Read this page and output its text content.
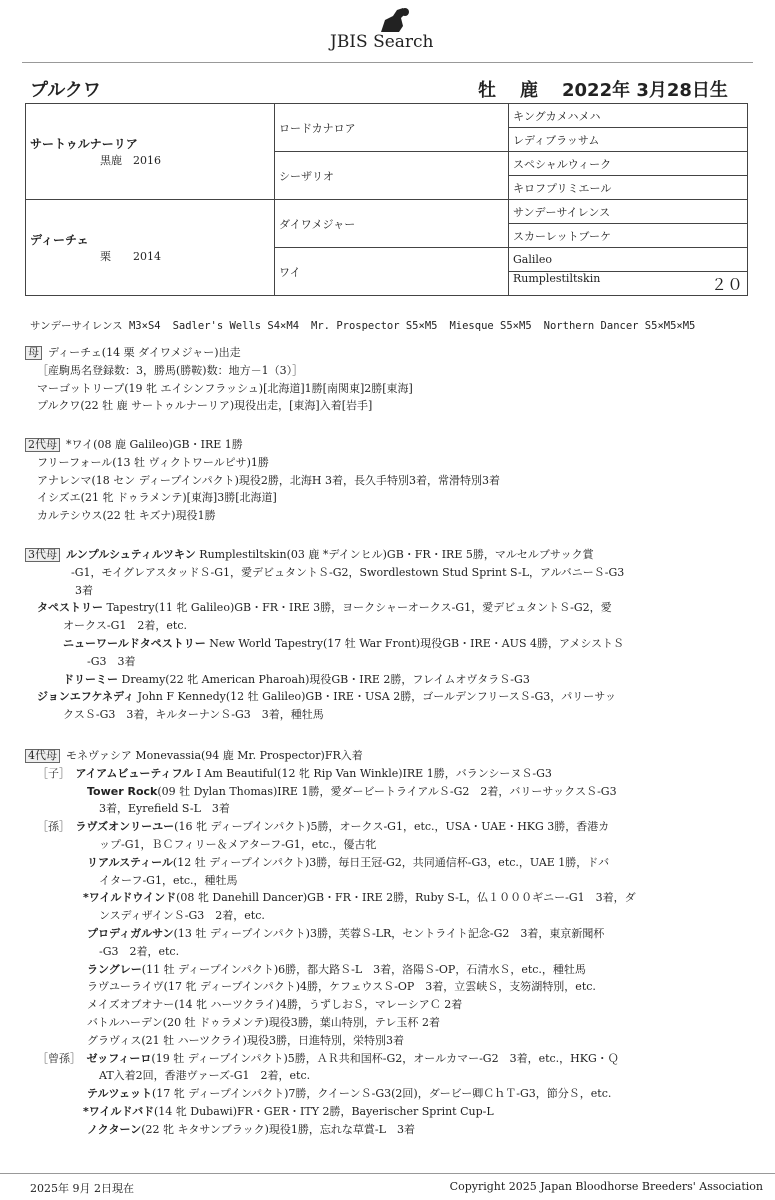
JBIS Search
プルクワ	牡 鹿 2022年 3月28日生
サートゥルナーリア
黒鹿　2016	ロードカナロア	キングカメハメハ
		レディブラッサム
	シーザリオ	スペシャルウィーク
		キロフプリミエール

ディーチェ
栗　　2014	ダイワメジャー	サンデーサイレンス
		スカーレットブーケ
	ワイ	Galileo
		Rumplestiltskin ２０
サンデーサイレンス M3×S4 Sadler's Wells S4×M4 Mr. Prospector S5×M5 Miesque S5×M5 Northern Dancer S5×M5×M5
母 ディーチェ(14 栗 ダイワメジャー)出走
［産駒馬名登録数：3，勝馬(勝鞍)数：地方－1（3）］
マーゴットリープ(19 牝 エイシンフラッシュ)[北海道]1勝[南関東]2勝[東海]
プルクワ(22 牡 鹿 サートゥルナーリア)現役出走，[東海]入着[岩手]
2代母 *ワイ(08 鹿 Galileo)GB・IRE 1勝
フリーフォール(13 牡 ヴィクトワールピサ)1勝
アナレンマ(18 セン ディープインパクト)現役2勝，北海H 3着，長久手特別3着，常滑特別3着
イシズエ(21 牝 ドゥラメンテ)[東海]3勝[北海道]
カルテシウス(22 牡 キズナ)現役1勝
3代母 ルンプルシュティルツキン Rumplestiltskin(03 鹿 *デインヒル)GB・FR・IRE 5勝，マルセルブサック賞
-G1，モイグレアスタッドＳ-G1，愛デビュタントＳ-G2，Swordlestown Stud Sprint S-L，アルバニーＳ-G3
3着
タペストリー Tapestry(11 牝 Galileo)GB・FR・IRE 3勝，ヨークシャーオークス-G1，愛デビュタントＳ-G2，愛
オークス-G1　2着，etc.
ニューワールドタペストリー New World Tapestry(17 牡 War Front)現役GB・IRE・AUS 4勝，アメシストＳ
-G3　3着
ドリーミー Dreamy(22 牝 American Pharoah)現役GB・IRE 2勝，フレイムオヴタラＳ-G3
ジョンエフケネディ John F Kennedy(12 牡 Galileo)GB・IRE・USA 2勝，ゴールデンフリースＳ-G3，パリーサッ
クスＳ-G3　3着，キルターナンＳ-G3　3着，種牡馬
4代母 モネヴァシア Monevassia(94 鹿 Mr. Prospector)FR入着
［子］　 アイアムビューティフル I Am Beautiful(12 牝 Rip Van Winkle)IRE 1勝，バランシーヌＳ-G3
Tower Rock(09 牡 Dylan Thomas)IRE 1勝，愛ダービートライアルＳ-G2　2着，バリーサックスＳ-G3
3着，Eyrefield S-L　3着
［孫］　 ラヴズオンリーユー(16 牝 ディープインパクト)5勝，オークス-G1，etc.，USA・UAE・HKG 3勝，香港カ
ップ-G1，ＢＣフィリー＆メアターフ-G1，etc.，優古牝
リアルスティール(12 牡 ディープインパクト)3勝，毎日王冠-G2，共同通信杯-G3，etc.，UAE 1勝，ドバ
イターフ-G1，etc.，種牡馬
*ワイルドウインド(08 牝 Danehill Dancer)GB・FR・IRE 2勝，Ruby S-L，仏１０００ギニー-G1　3着，ダ
ンスディザインＳ-G3　2着，etc.
プロディガルサン(13 牡 ディープインパクト)3勝，芙蓉Ｓ-LR，セントライト記念-G2　3着，東京新聞杯
-G3　2着，etc.
ラングレー(11 牡 ディープインパクト)6勝，都大路Ｓ-L　3着，洛陽Ｓ-OP，石清水Ｓ，etc.，種牡馬
ラヴユーライヴ(17 牝 ディープインパクト)4勝，ケフェウスＳ-OP　3着，立雲峡Ｓ，支笏湖特別，etc.
メイズオブオナー(14 牝 ハーツクライ)4勝，うずしおＳ，マレーシアＣ 2着
バトルハーデン(20 牡 ドゥラメンテ)現役3勝，葉山特別，テレ玉杯 2着
グラヴィス(21 牡 ハーツクライ)現役3勝，日進特別，栄特別3着
［曾孫］　 ゼッフィーロ(19 牡 ディープインパクト)5勝，ＡＲ共和国杯-G2，オールカマー-G2　3着，etc.，HKG・Ｑ
AT入着2回，香港ヴァーズ-G1　2着，etc.
テルツェット(17 牝 ディープインパクト)7勝，クイーンＳ-G3(2回)，ダービー卿ＣｈＴ-G3，節分Ｓ，etc.
*ワイルドバド(14 牝 Dubawi)FR・GER・ITY 2勝，Bayerischer Sprint Cup-L
ノクターン(22 牝 キタサンブラック)現役1勝，忘れな草賞-L　3着
2025年 9月 2日現在	Copyright 2025 Japan Bloodhorse Breeders' Association
